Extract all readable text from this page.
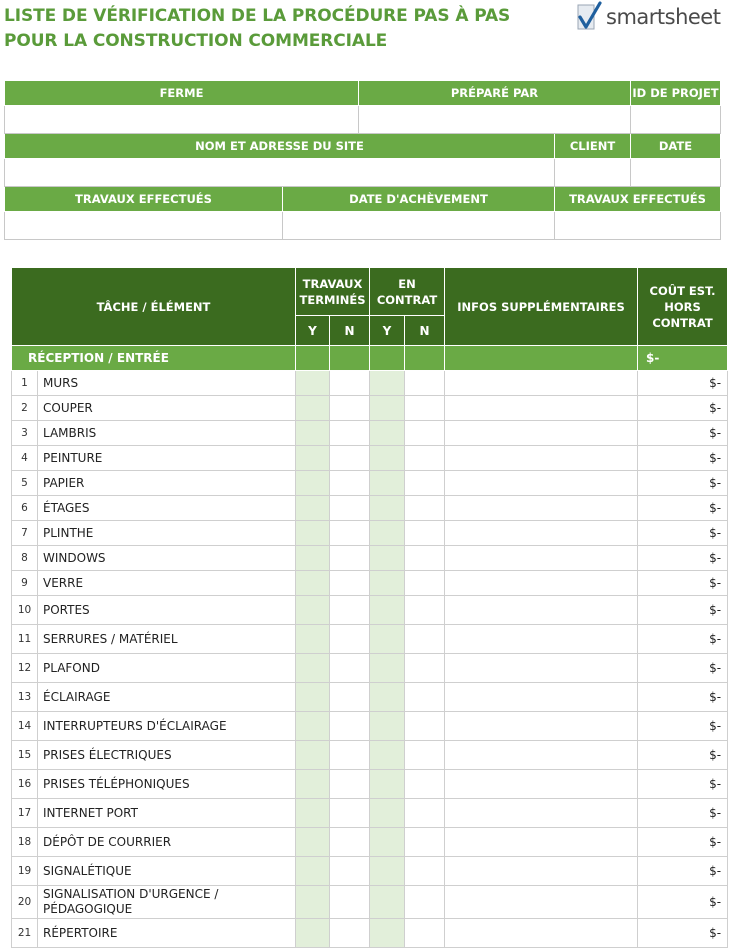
LISTE DE VÉRIFICATION DE LA PROCÉDURE PAS À PAS POUR LA CONSTRUCTION COMMERCIALE
smartsheet
FERME		PRÉPARÉ PAR		ID DE PROJET

NOM ET ADRESSE DU SITE			CLIENT	DATE

TRAVAUX EFFECTUÉS	DATE D'ACHÈVEMENT		TRAVAUX EFFECTUÉS	

TÂCHE / ÉLÉMENT		TRAVAUX TERMINÉS		EN CONTRAT		INFOS SUPPLÉMENTAIRES	COÛT EST. HORS CONTRAT
		Y	N	Y	N		
RÉCEPTION / ENTRÉE							$-
1	MURS						$-
2	COUPER						$-
3	LAMBRIS						$-
4	PEINTURE						$-
5	PAPIER						$-
6	ÉTAGES						$-
7	PLINTHE						$-
8	WINDOWS						$-
9	VERRE						$-
10	PORTES						$-
11	SERRURES / MATÉRIEL						$-
12	PLAFOND						$-
13	ÉCLAIRAGE						$-
14	INTERRUPTEURS D'ÉCLAIRAGE						$-
15	PRISES ÉLECTRIQUES						$-
16	PRISES TÉLÉPHONIQUES						$-
17	INTERNET PORT						$-
18	DÉPÔT DE COURRIER						$-
19	SIGNALÉTIQUE						$-
20	SIGNALISATION D'URGENCE / PÉDAGOGIQUE						$-
21	RÉPERTOIRE						$-
